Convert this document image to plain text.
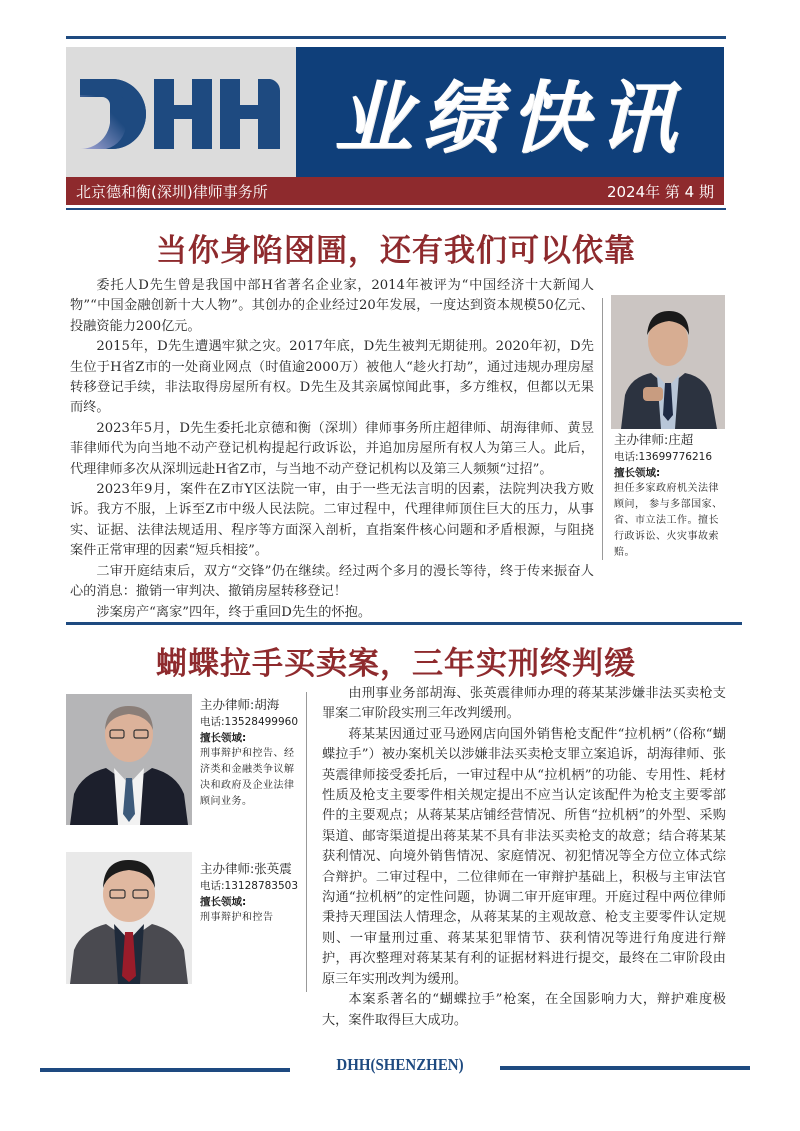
业绩快讯
北京德和衡(深圳)律师事务所	2024年 第 4 期
当你身陷囹圄，还有我们可以依靠

委托人D先生曾是我国中部H省著名企业家，2014年被评为“中国经济十大新闻人物”“中国金融创新十大人物”。其创办的企业经过20年发展，一度达到资本规模50亿元、投融资能力200亿元。

2015年，D先生遭遇牢狱之灾。2017年底，D先生被判无期徒刑。2020年初，D先生位于H省Z市的一处商业网点（时值逾2000万）被他人“趁火打劫”，通过违规办理房屋转移登记手续，非法取得房屋所有权。D先生及其亲属惊闻此事，多方维权，但都以无果而终。

2023年5月，D先生委托北京德和衡（深圳）律师事务所庄超律师、胡海律师、黄昱菲律师代为向当地不动产登记机构提起行政诉讼，并追加房屋所有权人为第三人。此后，代理律师多次从深圳远赴H省Z市，与当地不动产登记机构以及第三人频频“过招”。

2023年9月，案件在Z市Y区法院一审，由于一些无法言明的因素，法院判决我方败诉。我方不服，上诉至Z市中级人民法院。二审过程中，代理律师顶住巨大的压力，从事实、证据、法律法规适用、程序等方面深入剖析，直指案件核心问题和矛盾根源，与阻挠案件正常审理的因素“短兵相接”。

二审开庭结束后，双方“交锋”仍在继续。经过两个多月的漫长等待，终于传来振奋人心的消息：撤销一审判决、撤销房屋转移登记！

涉案房产“离家”四年，终于重回D先生的怀抱。

主办律师:庄超
电话:13699776216
擅长领域:
担任多家政府机关法律顾问， 参与多部国家、省、市立法工作。擅长行政诉讼、火灾事故索赔。
蝴蝶拉手买卖案，三年实刑终判缓
主办律师:胡海
电话:13528499960
擅长领域:
刑事辩护和控告、经济类和金融类争议解决和政府及企业法律顾问业务。
主办律师:张英震
电话:13128783503
擅长领域:
刑事辩护和控告

由刑事业务部胡海、张英震律师办理的蒋某某涉嫌非法买卖枪支罪案二审阶段实刑三年改判缓刑。

蒋某某因通过亚马逊网店向国外销售枪支配件“拉机柄”（俗称“蝴蝶拉手”）被办案机关以涉嫌非法买卖枪支罪立案追诉，胡海律师、张英震律师接受委托后，一审过程中从“拉机柄”的功能、专用性、耗材性质及枪支主要零件相关规定提出不应当认定该配件为枪支主要零部件的主要观点；从蒋某某店铺经营情况、所售“拉机柄”的外型、采购渠道、邮寄渠道提出蒋某某不具有非法买卖枪支的故意；结合蒋某某获利情况、向境外销售情况、家庭情况、初犯情况等全方位立体式综合辩护。二审过程中，二位律师在一审辩护基础上，积极与主审法官沟通“拉机柄”的定性问题，协调二审开庭审理。开庭过程中两位律师秉持天理国法人情理念，从蒋某某的主观故意、枪支主要零件认定规则、一审量刑过重、蒋某某犯罪情节、获利情况等进行角度进行辩护，再次整理对蒋某某有利的证据材料进行提交，最终在二审阶段由原三年实刑改判为缓刑。

本案系著名的“蝴蝶拉手”枪案，在全国影响力大，辩护难度极大，案件取得巨大成功。

DHH(SHENZHEN)
